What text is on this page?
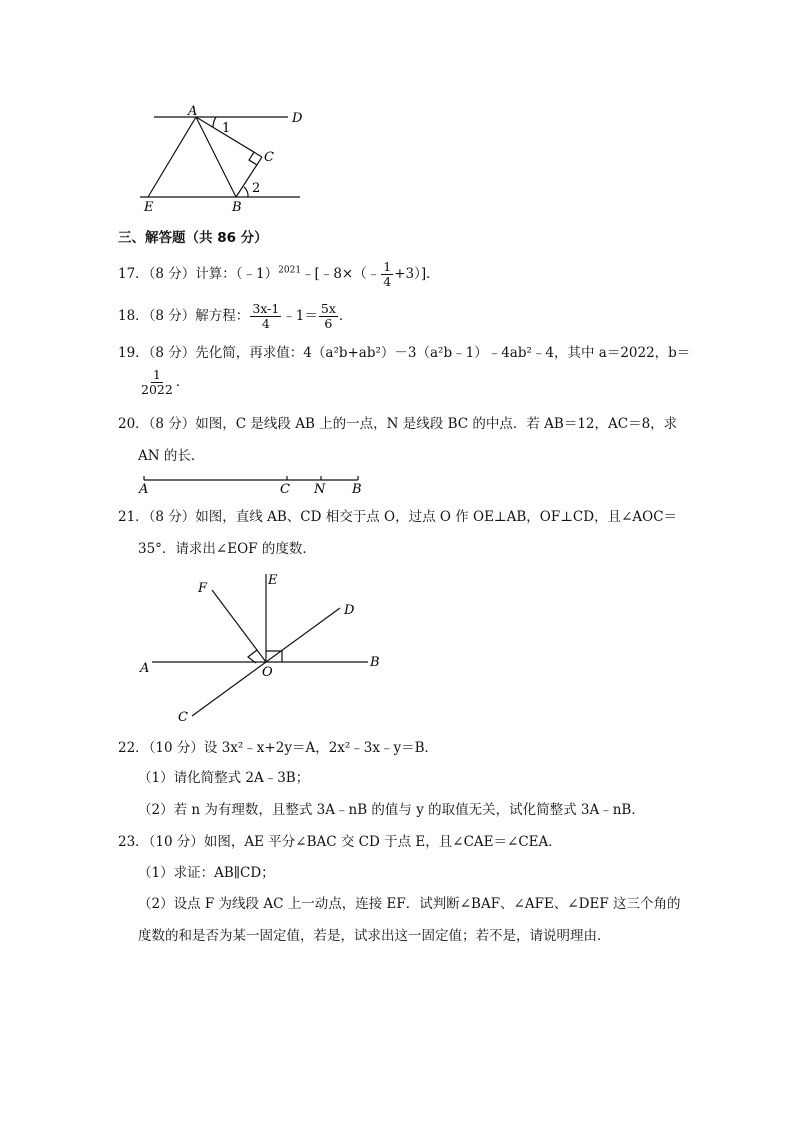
A	D
C
E	B
1
2
三、解答题（共 86 分）
17．（8 分）计算：（﹣1）$^{2021}$﹣[﹣8×（﹣ $\frac{1}{4} +3$）]．
18．（8 分）解方程： $\frac{3x-1}{4}$ ﹣1＝ $\frac{5x}{6}$ ．
19．（8 分）先化简，再求值：4（a²b+ab²）－3（a²b﹣1）﹣4ab²﹣4，其中 a＝2022，b＝
$\frac{1}{2022}$ ．
20．（8 分）如图，C 是线段 AB 上的一点，N 是线段 BC 的中点．若 AB＝12，AC＝8，求
AN 的长．
A	C N B
21．（8 分）如图，直线 AB、CD 相交于点 O，过点 O 作 OE⊥AB，OF⊥CD，且∠AOC＝
35°．请求出∠EOF 的度数．
F
E
D
A	O
B
C
22．（10 分）设 3x²﹣x+2y＝A，2x²﹣3x﹣y＝B．
（1）请化简整式 2A﹣3B；
（2）若 n 为有理数，且整式 3A﹣nB 的值与 y 的取值无关，试化简整式 3A﹣nB．
23．（10 分）如图，AE 平分∠BAC 交 CD 于点 E，且∠CAE＝∠CEA．
（1）求证：AB∥CD；
（2）设点 F 为线段 AC 上一动点，连接 EF．试判断∠BAF、∠AFE、∠DEF 这三个角的
度数的和是否为某一固定值，若是，试求出这一固定值；若不是，请说明理由．
